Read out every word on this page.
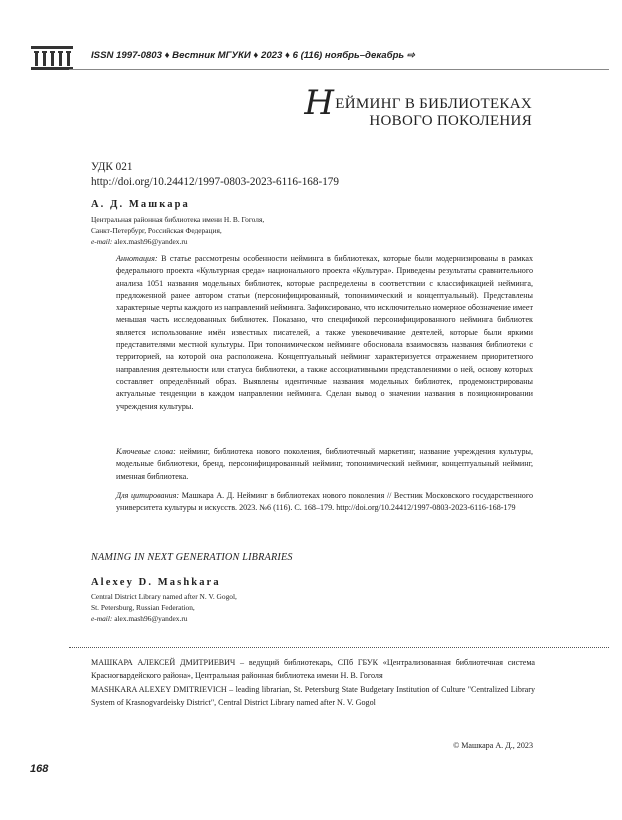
ISSN 1997-0803 ♦ Вестник МГУКИ ♦ 2023 ♦ 6 (116) ноябрь–декабрь ⇨
НЕЙМИНГ В БИБЛИОТЕКАХ
НОВОГО ПОКОЛЕНИЯ
УДК 021
http://doi.org/10.24412/1997-0803-2023-6116-168-179
А. Д. Машкара
Центральная районная библиотека имени Н. В. Гоголя,
Санкт-Петербург, Российская Федерация,
e-mail: alex.mash96@yandex.ru
Аннотация: В статье рассмотрены особенности нейминга в библиотеках, которые были модернизированы в рамках федерального проекта «Культурная среда» национального проекта «Культура». Приведены результаты сравнительного анализа 1051 названия модельных библиотек, которые распределены в соответствии с классификацией нейминга, предложенной ранее автором статьи (персонифицированный, топонимический и концептуальный). Представлены характерные черты каждого из направлений нейминга. Зафиксировано, что исключительно номерное обозначение имеет меньшая часть исследованных библиотек. Показано, что спецификой персонифицированного нейминга библиотек является использование имён известных писателей, а также увековечивание деятелей, которые были яркими представителями местной культуры. При топонимическом нейминге обосновала взаимосвязь названия библиотеки с территорией, на которой она расположена. Концептуальный нейминг характеризуется отражением приоритетного направления деятельности или статуса библиотеки, а также ассоциативными представлениями о ней, основу которых составляет определённый образ. Выявлены идентичные названия модельных библиотек, продемонстрированы актуальные тенденции в каждом направлении нейминга. Сделан вывод о значении названия в позиционировании учреждения культуры.
Ключевые слова: нейминг, библиотека нового поколения, библиотечный маркетинг, название учреждения культуры, модельные библиотеки, бренд, персонифицированный нейминг, топонимический нейминг, концептуальный нейминг, именная библиотека.
Для цитирования: Машкара А. Д. Нейминг в библиотеках нового поколения // Вестник Московского государственного университета культуры и искусств. 2023. №6 (116). С. 168–179. http://doi.org/10.24412/1997-0803-2023-6116-168-179
NAMING IN NEXT GENERATION LIBRARIES
Alexey D. Mashkara
Central District Library named after N. V. Gogol,
St. Petersburg, Russian Federation,
e-mail: alex.mash96@yandex.ru
МАШКАРА АЛЕКСЕЙ ДМИТРИЕВИЧ – ведущий библиотекарь, СПб ГБУК «Централизованная библиотечная система Красногвардейского района», Центральная районная библиотека имени Н. В. Гоголя
MASHKARA ALEXEY DMITRIEVICH – leading librarian, St. Petersburg State Budgetary Institution of Culture "Centralized Library System of Krasnogvardeisky District", Central District Library named after N. V. Gogol
© Машкара А. Д., 2023
168
